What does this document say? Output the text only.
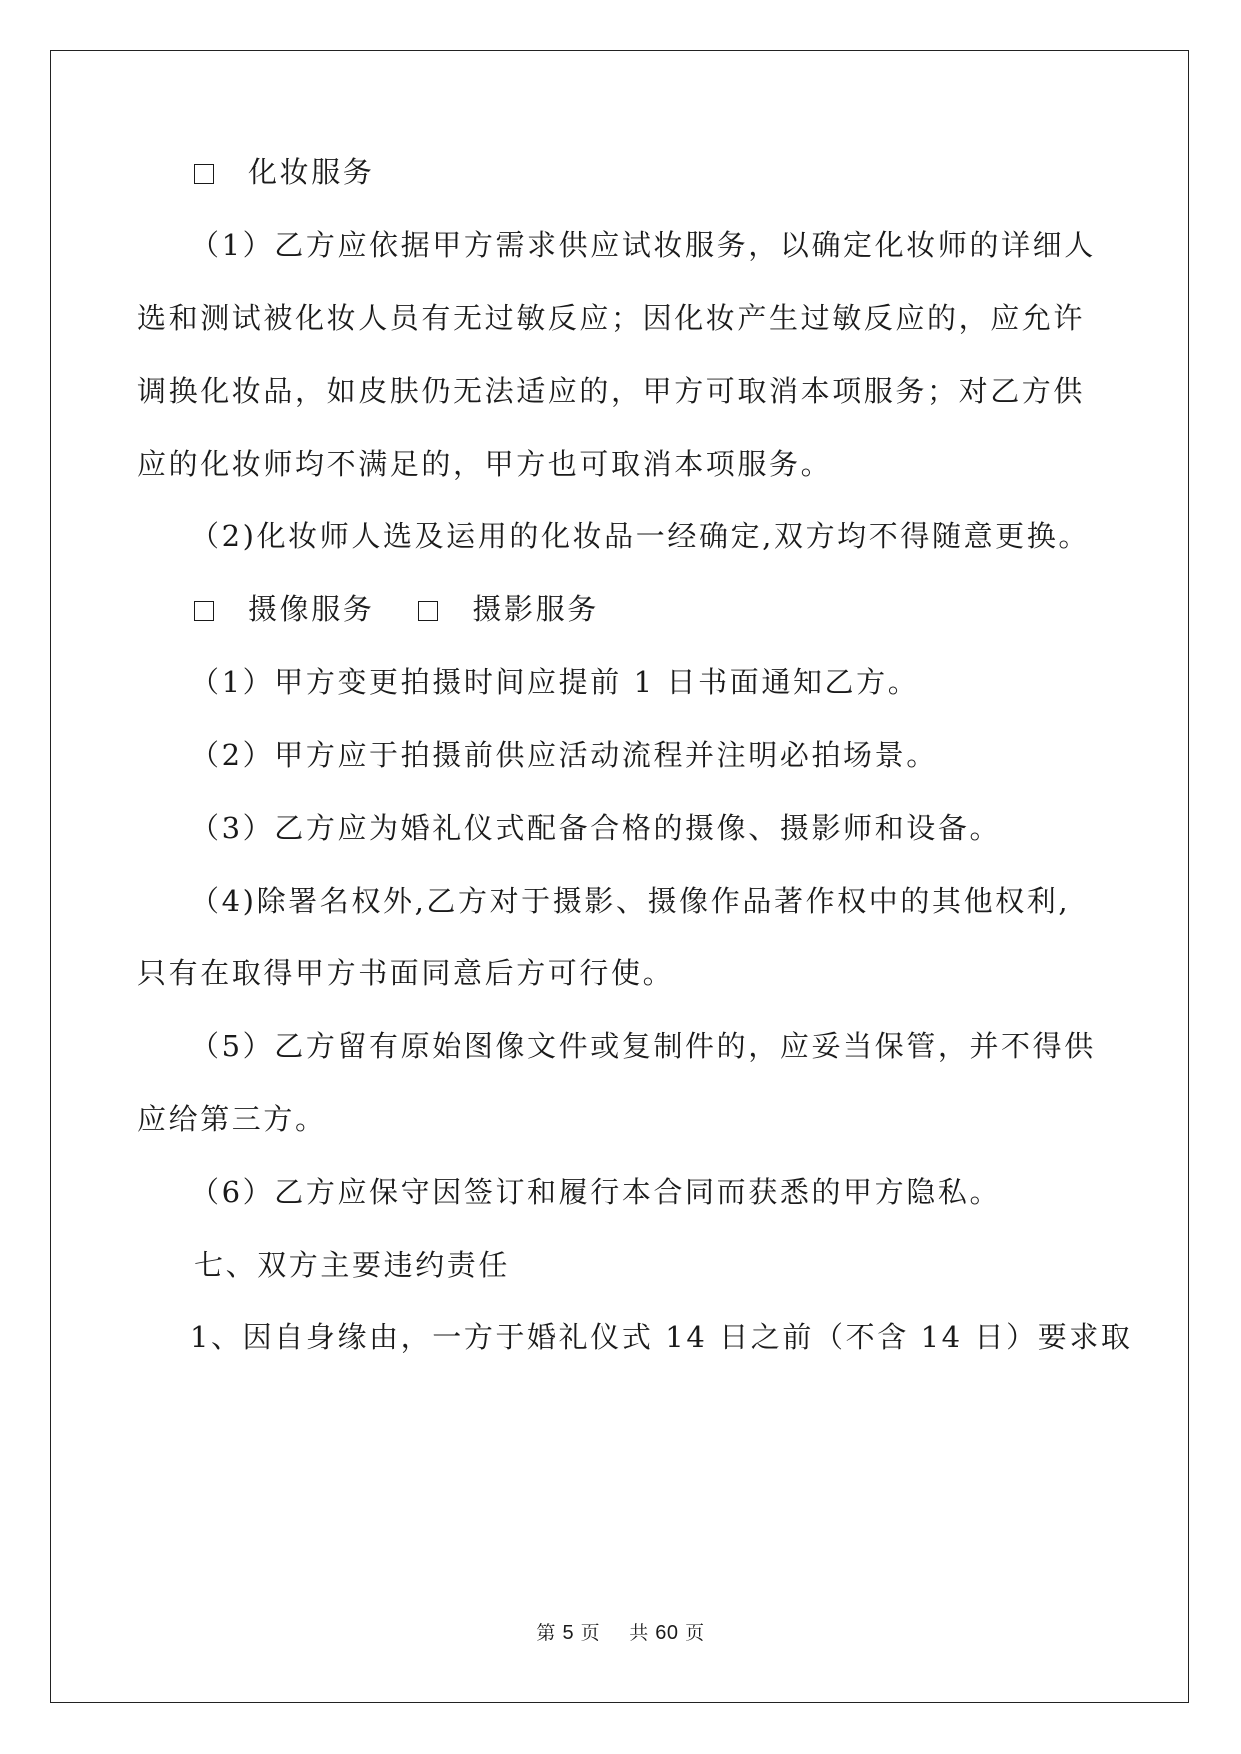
化妆服务
（1）乙方应依据甲方需求供应试妆服务，以确定化妆师的详细人
选和测试被化妆人员有无过敏反应；因化妆产生过敏反应的，应允许
调换化妆品，如皮肤仍无法适应的，甲方可取消本项服务；对乙方供
应的化妆师均不满足的，甲方也可取消本项服务。
（2)化妆师人选及运用的化妆品一经确定,双方均不得随意更换。
摄像服务	摄影服务
（1）甲方变更拍摄时间应提前 1 日书面通知乙方。
（2）甲方应于拍摄前供应活动流程并注明必拍场景。
（3）乙方应为婚礼仪式配备合格的摄像、摄影师和设备。
（4)除署名权外,乙方对于摄影、摄像作品著作权中的其他权利,
只有在取得甲方书面同意后方可行使。
（5）乙方留有原始图像文件或复制件的，应妥当保管，并不得供
应给第三方。
（6）乙方应保守因签订和履行本合同而获悉的甲方隐私。
七、双方主要违约责任
1、因自身缘由，一方于婚礼仪式 14 日之前（不含 14 日）要求取
第 5 页 共 60 页
